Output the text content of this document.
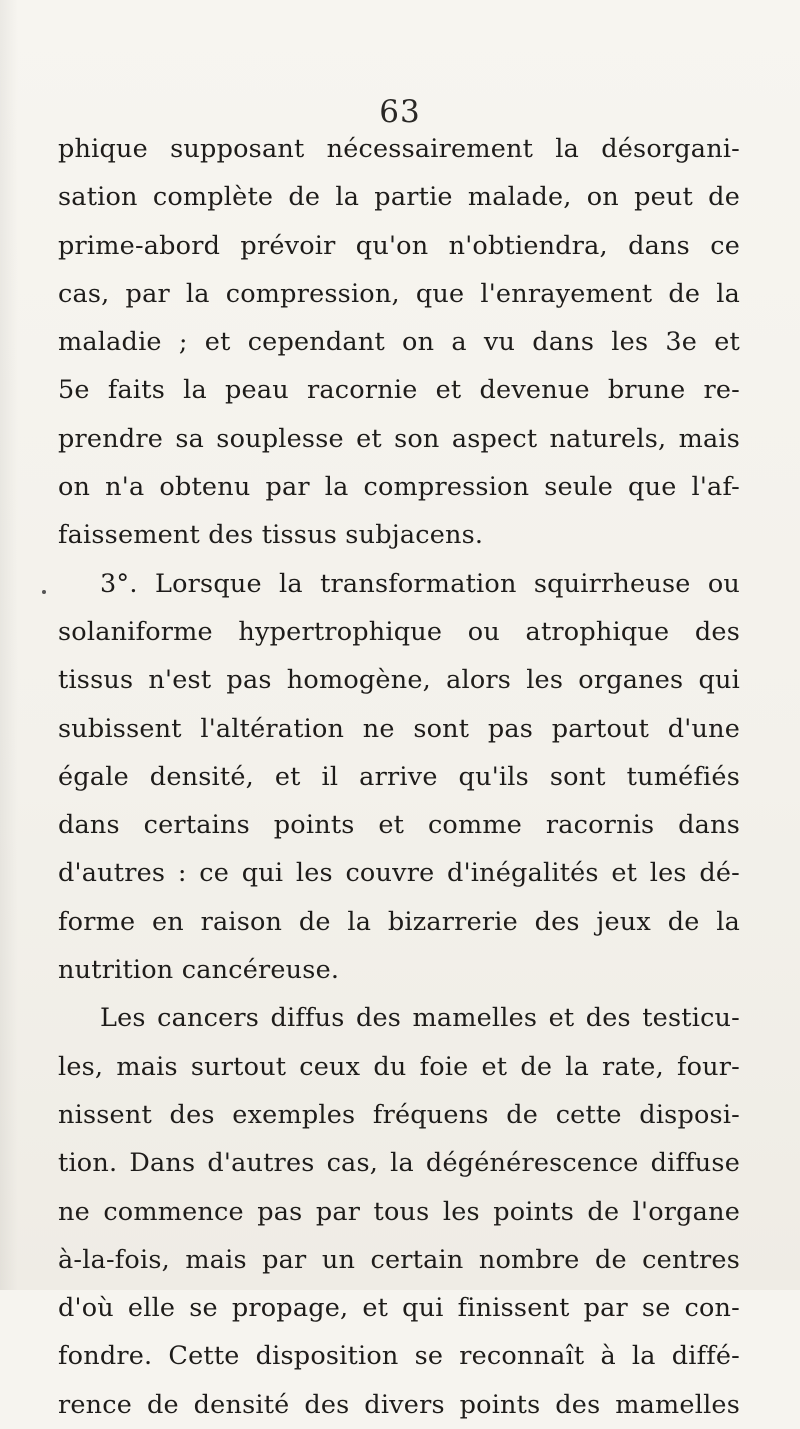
63
phique supposant nécessairement la désorgani-
sation complète de la partie malade, on peut de
prime-abord prévoir qu'on n'obtiendra, dans ce
cas, par la compression, que l'enrayement de la
maladie ; et cependant on a vu dans les 3e et
5e faits la peau racornie et devenue brune re-
prendre sa souplesse et son aspect naturels, mais
on n'a obtenu par la compression seule que l'af-
faissement des tissus subjacens.
3°. Lorsque la transformation squirrheuse ou
solaniforme hypertrophique ou atrophique des
tissus n'est pas homogène, alors les organes qui
subissent l'altération ne sont pas partout d'une
égale densité, et il arrive qu'ils sont tuméfiés
dans certains points et comme racornis dans
d'autres : ce qui les couvre d'inégalités et les dé-
forme en raison de la bizarrerie des jeux de la
nutrition cancéreuse.
Les cancers diffus des mamelles et des testicu-
les, mais surtout ceux du foie et de la rate, four-
nissent des exemples fréquens de cette disposi-
tion. Dans d'autres cas, la dégénérescence diffuse
ne commence pas par tous les points de l'organe
à-la-fois, mais par un certain nombre de centres
d'où elle se propage, et qui finissent par se con-
fondre. Cette disposition se reconnaît à la diffé-
rence de densité des divers points des mamelles
